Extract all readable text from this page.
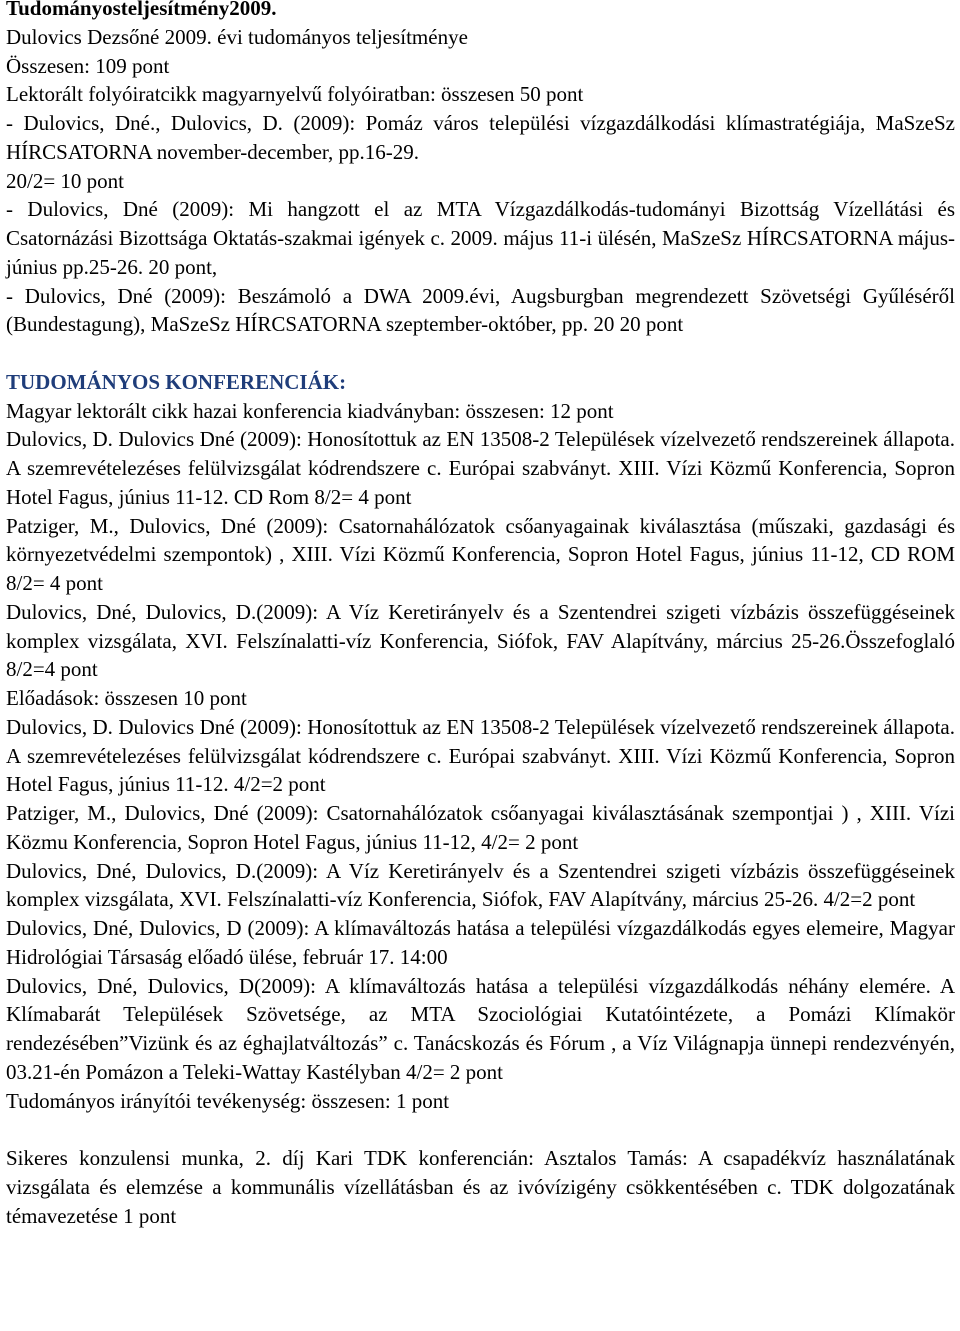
Tudományosteljesítmény2009.

Dulovics Dezsőné 2009. évi tudományos teljesítménye

Összesen: 109 pont

Lektorált folyóiratcikk magyarnyelvű folyóiratban: összesen 50 pont

- Dulovics, Dné., Dulovics, D. (2009): Pomáz város települési vízgazdálkodási klímastratégiája, MaSzeSz HÍRCSATORNA november-december, pp.16-29.

20/2= 10 pont

- Dulovics, Dné (2009): Mi hangzott el az MTA Vízgazdálkodás-tudományi Bizottság Vízellátási és Csatornázási Bizottsága Oktatás-szakmai igények c. 2009. május 11-i ülésén, MaSzeSz HÍRCSATORNA május-június pp.25-26. 20 pont,

- Dulovics, Dné (2009): Beszámoló a DWA 2009.évi, Augsburgban megrendezett Szövetségi Gyűléséről (Bundestagung), MaSzeSz HÍRCSATORNA szeptember-október, pp. 20 20 pont

TUDOMÁNYOS KONFERENCIÁK:

Magyar lektorált cikk hazai konferencia kiadványban: összesen: 12 pont

Dulovics, D. Dulovics Dné (2009): Honosítottuk az EN 13508-2 Települések vízelvezető rendszereinek állapota. A szemrevételezéses felülvizsgálat kódrendszere c. Európai szabványt. XIII. Vízi Közmű Konferencia, Sopron Hotel Fagus, június 11-12. CD Rom 8/2= 4 pont

Patziger, M., Dulovics, Dné (2009): Csatornahálózatok csőanyagainak kiválasztása (műszaki, gazdasági és környezetvédelmi szempontok) , XIII. Vízi Közmű Konferencia, Sopron Hotel Fagus, június 11-12, CD ROM 8/2= 4 pont

Dulovics, Dné, Dulovics, D.(2009): A Víz Keretirányelv és a Szentendrei szigeti vízbázis összefüggéseinek komplex vizsgálata, XVI. Felszínalatti-víz Konferencia, Siófok, FAV Alapítvány, március 25-26.Összefoglaló 8/2=4 pont

Előadások: összesen 10 pont

Dulovics, D. Dulovics Dné (2009): Honosítottuk az EN 13508-2 Települések vízelvezető rendszereinek állapota. A szemrevételezéses felülvizsgálat kódrendszere c. Európai szabványt. XIII. Vízi Közmű Konferencia, Sopron Hotel Fagus, június 11-12. 4/2=2 pont

Patziger, M., Dulovics, Dné (2009): Csatornahálózatok csőanyagai kiválasztásának szempontjai ) , XIII. Vízi Közmu Konferencia, Sopron Hotel Fagus, június 11-12, 4/2= 2 pont

Dulovics, Dné, Dulovics, D.(2009): A Víz Keretirányelv és a Szentendrei szigeti vízbázis összefüggéseinek komplex vizsgálata, XVI. Felszínalatti-víz Konferencia, Siófok, FAV Alapítvány, március 25-26. 4/2=2 pont

Dulovics, Dné, Dulovics, D (2009): A klímaváltozás hatása a települési vízgazdálkodás egyes elemeire, Magyar Hidrológiai Társaság előadó ülése, február 17. 14:00

Dulovics, Dné, Dulovics, D(2009): A klímaváltozás hatása a települési vízgazdálkodás néhány elemére. A Klímabarát Települések Szövetsége, az MTA Szociológiai Kutatóintézete, a Pomázi Klímakör rendezésében”Vizünk és az éghajlatváltozás” c. Tanácskozás és Fórum , a Víz Világnapja ünnepi rendezvényén, 03.21-én Pomázon a Teleki-Wattay Kastélyban 4/2= 2 pont

Tudományos irányítói tevékenység: összesen: 1 pont

Sikeres konzulensi munka, 2. díj Kari TDK konferencián: Asztalos Tamás: A csapadékvíz használatának vizsgálata és elemzése a kommunális vízellátásban és az ivóvízigény csökkentésében c. TDK dolgozatának témavezetése 1 pont
